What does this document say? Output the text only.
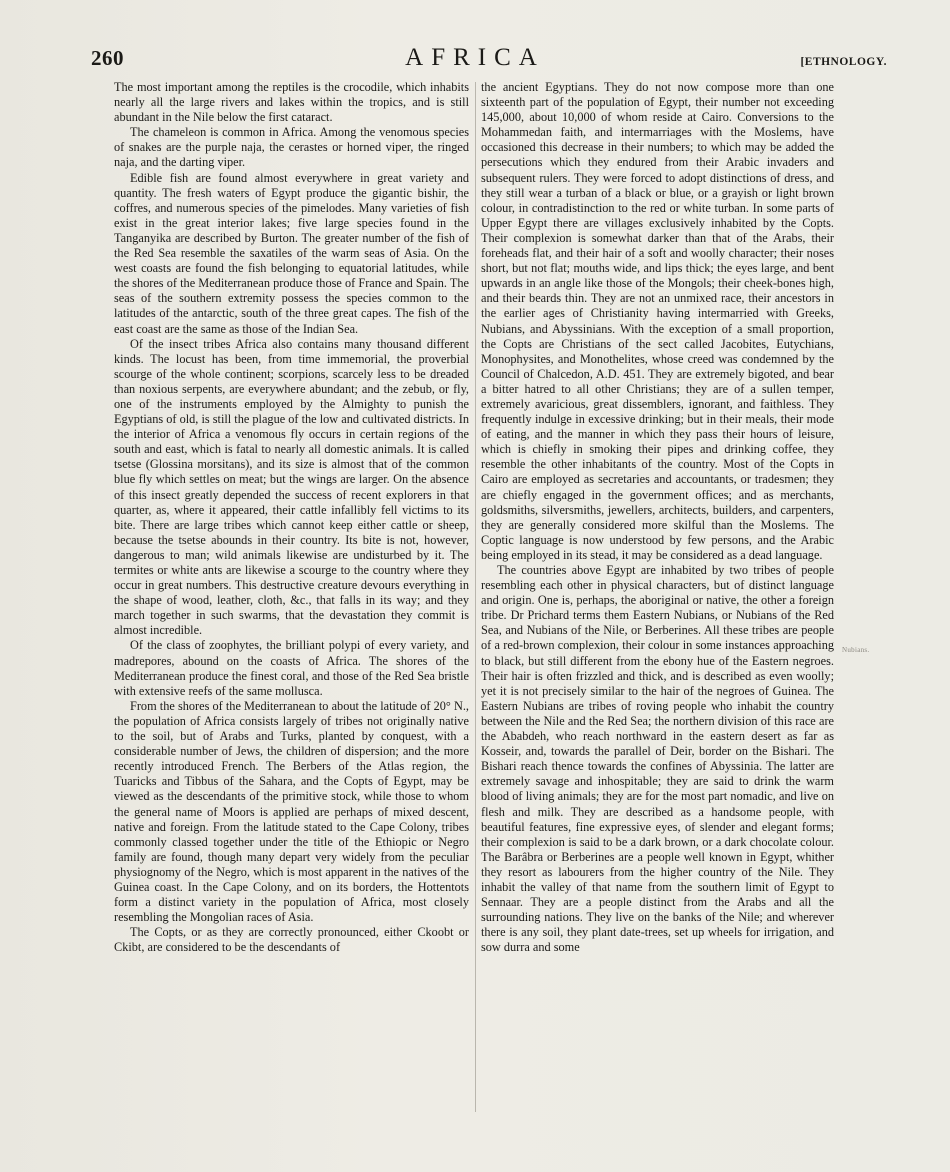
260	AFRICA	[ETHNOLOGY.

The most important among the reptiles is the crocodile, which inhabits nearly all the large rivers and lakes within the tropics, and is still abundant in the Nile below the first cataract.

The chameleon is common in Africa. Among the venomous species of snakes are the purple naja, the cerastes or horned viper, the ringed naja, and the darting viper.

Edible fish are found almost everywhere in great variety and quantity. The fresh waters of Egypt produce the gigantic bishir, the coffres, and numerous species of the pimelodes. Many varieties of fish exist in the great interior lakes; five large species found in the Tanganyika are described by Burton. The greater number of the fish of the Red Sea resemble the saxatiles of the warm seas of Asia. On the west coasts are found the fish belonging to equatorial latitudes, while the shores of the Mediterranean produce those of France and Spain. The seas of the southern extremity possess the species common to the latitudes of the antarctic, south of the three great capes. The fish of the east coast are the same as those of the Indian Sea.

Of the insect tribes Africa also contains many thousand different kinds. The locust has been, from time immemorial, the proverbial scourge of the whole continent; scorpions, scarcely less to be dreaded than noxious serpents, are everywhere abundant; and the zebub, or fly, one of the instruments employed by the Almighty to punish the Egyptians of old, is still the plague of the low and cultivated districts. In the interior of Africa a venomous fly occurs in certain regions of the south and east, which is fatal to nearly all domestic animals. It is called tsetse (Glossina morsitans), and its size is almost that of the common blue fly which settles on meat; but the wings are larger. On the absence of this insect greatly depended the success of recent explorers in that quarter, as, where it appeared, their cattle infallibly fell victims to its bite. There are large tribes which cannot keep either cattle or sheep, because the tsetse abounds in their country. Its bite is not, however, dangerous to man; wild animals likewise are undisturbed by it. The termites or white ants are likewise a scourge to the country where they occur in great numbers. This destructive creature devours everything in the shape of wood, leather, cloth, &c., that falls in its way; and they march together in such swarms, that the devastation they commit is almost incredible.

Of the class of zoophytes, the brilliant polypi of every variety, and madrepores, abound on the coasts of Africa. The shores of the Mediterranean produce the finest coral, and those of the Red Sea bristle with extensive reefs of the same mollusca.

From the shores of the Mediterranean to about the latitude of 20° N., the population of Africa consists largely of tribes not originally native to the soil, but of Arabs and Turks, planted by conquest, with a considerable number of Jews, the children of dispersion; and the more recently introduced French. The Berbers of the Atlas region, the Tuaricks and Tibbus of the Sahara, and the Copts of Egypt, may be viewed as the descendants of the primitive stock, while those to whom the general name of Moors is applied are perhaps of mixed descent, native and foreign. From the latitude stated to the Cape Colony, tribes commonly classed together under the title of the Ethiopic or Negro family are found, though many depart very widely from the peculiar physiognomy of the Negro, which is most apparent in the natives of the Guinea coast. In the Cape Colony, and on its borders, the Hottentots form a distinct variety in the population of Africa, most closely resembling the Mongolian races of Asia.

The Copts, or as they are correctly pronounced, either Ckoobt or Ckibt, are considered to be the descendants of

the ancient Egyptians. They do not now compose more than one sixteenth part of the population of Egypt, their number not exceeding 145,000, about 10,000 of whom reside at Cairo. Conversions to the Mohammedan faith, and intermarriages with the Moslems, have occasioned this decrease in their numbers; to which may be added the persecutions which they endured from their Arabic invaders and subsequent rulers. They were forced to adopt distinctions of dress, and they still wear a turban of a black or blue, or a grayish or light brown colour, in contradistinction to the red or white turban. In some parts of Upper Egypt there are villages exclusively inhabited by the Copts. Their complexion is somewhat darker than that of the Arabs, their foreheads flat, and their hair of a soft and woolly character; their noses short, but not flat; mouths wide, and lips thick; the eyes large, and bent upwards in an angle like those of the Mongols; their cheek-bones high, and their beards thin. They are not an unmixed race, their ancestors in the earlier ages of Christianity having intermarried with Greeks, Nubians, and Abyssinians. With the exception of a small proportion, the Copts are Christians of the sect called Jacobites, Eutychians, Monophysites, and Monothelites, whose creed was condemned by the Council of Chalcedon, A.D. 451. They are extremely bigoted, and bear a bitter hatred to all other Christians; they are of a sullen temper, extremely avaricious, great dissemblers, ignorant, and faithless. They frequently indulge in excessive drinking; but in their meals, their mode of eating, and the manner in which they pass their hours of leisure, which is chiefly in smoking their pipes and drinking coffee, they resemble the other inhabitants of the country. Most of the Copts in Cairo are employed as secretaries and accountants, or tradesmen; they are chiefly engaged in the government offices; and as merchants, goldsmiths, silversmiths, jewellers, architects, builders, and carpenters, they are generally considered more skilful than the Moslems. The Coptic language is now understood by few persons, and the Arabic being employed in its stead, it may be considered as a dead language.

The countries above Egypt are inhabited by two tribes of people resembling each other in physical characters, but of distinct language and origin. One is, perhaps, the aboriginal or native, the other a foreign tribe. Dr Prichard terms them Eastern Nubians, or Nubians of the Red Sea, and Nubians of the Nile, or Berberines. All these tribes are people of a red-brown complexion, their colour in some instances approaching to black, but still different from the ebony hue of the Eastern negroes. Their hair is often frizzled and thick, and is described as even woolly; yet it is not precisely similar to the hair of the negroes of Guinea. The Eastern Nubians are tribes of roving people who inhabit the country between the Nile and the Red Sea; the northern division of this race are the Ababdeh, who reach northward in the eastern desert as far as Kosseir, and, towards the parallel of Deir, border on the Bishari. The Bishari reach thence towards the confines of Abyssinia. The latter are extremely savage and inhospitable; they are said to drink the warm blood of living animals; they are for the most part nomadic, and live on flesh and milk. They are described as a handsome people, with beautiful features, fine expressive eyes, of slender and elegant forms; their complexion is said to be a dark brown, or a dark chocolate colour. The Barâbra or Berberines are a people well known in Egypt, whither they resort as labourers from the higher country of the Nile. They inhabit the valley of that name from the southern limit of Egypt to Sennaar. They are a people distinct from the Arabs and all the surrounding nations. They live on the banks of the Nile; and wherever there is any soil, they plant date-trees, set up wheels for irrigation, and sow durra and some

Nubians.
